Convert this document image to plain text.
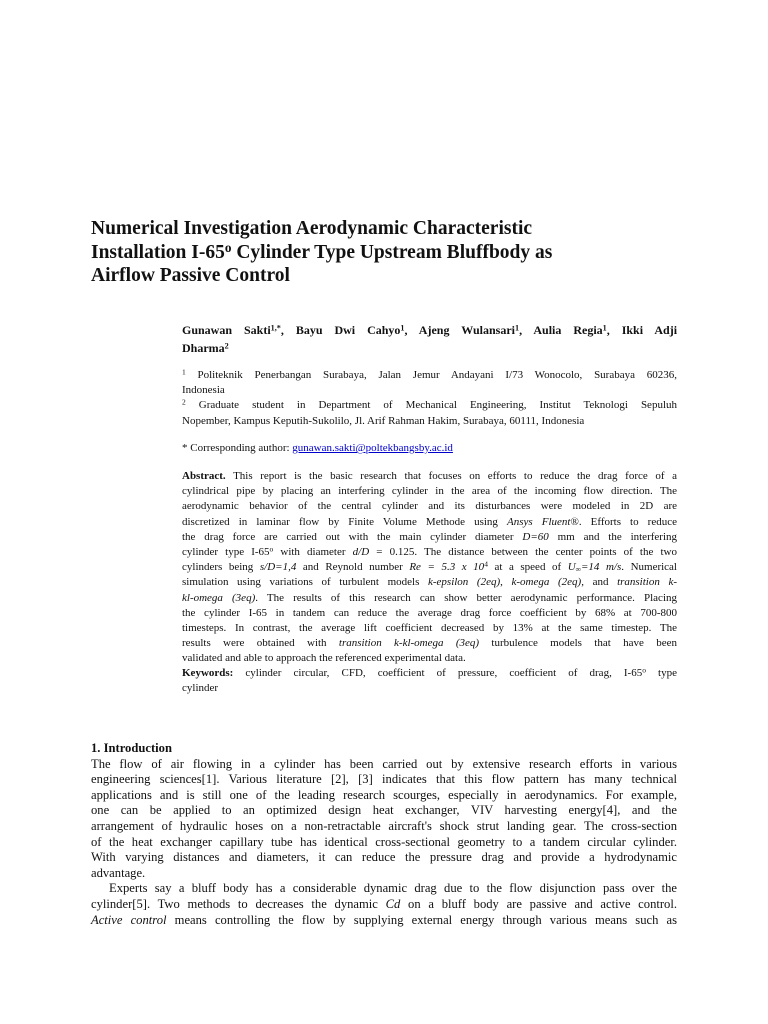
Numerical Investigation Aerodynamic Characteristic
Installation I-65$^o$ Cylinder Type Upstream Bluffbody as
Airflow Passive Control
Gunawan Sakti$^{1,*}$, Bayu Dwi Cahyo$^1$, Ajeng Wulansari$^1$, Aulia Regia$^1$, Ikki Adji
Dharma$^2$
$^1$ Politeknik Penerbangan Surabaya, Jalan Jemur Andayani I/73 Wonocolo, Surabaya 60236,
Indonesia
$^2$ Graduate student in Department of Mechanical Engineering, Institut Teknologi Sepuluh
Nopember, Kampus Keputih-Sukolilo, Jl. Arif Rahman Hakim, Surabaya, 60111, Indonesia
* Corresponding author: gunawan.sakti@poltekbangsby.ac.id
Abstract. This report is the basic research that focuses on efforts to reduce the drag force of a
cylindrical pipe by placing an interfering cylinder in the area of the incoming flow direction. The
aerodynamic behavior of the central cylinder and its disturbances were modeled in 2D are
discretized in laminar flow by Finite Volume Methode using Ansys Fluent®. Efforts to reduce
the drag force are carried out with the main cylinder diameter D=60 mm and the interfering
cylinder type I-65$^o$ with diameter d/D = 0.125. The distance between the center points of the two
cylinders being s/D=1,4 and Reynold number Re = 5.3 x $10^4$ at a speed of U∞=14 m/s. Numerical
simulation using variations of turbulent models k-epsilon (2eq), k-omega (2eq), and transition k-
kl-omega (3eq). The results of this research can show better aerodynamic performance. Placing
the cylinder I-65 in tandem can reduce the average drag force coefficient by 68% at 700-800
timesteps. In contrast, the average lift coefficient decreased by 13% at the same timestep. The
results were obtained with transition k-kl-omega (3eq) turbulence models that have been
validated and able to approach the referenced experimental data.
Keywords: cylinder circular, CFD, coefficient of pressure, coefficient of drag, I-65$^o$ type
cylinder
1. Introduction
The flow of air flowing in a cylinder has been carried out by extensive research efforts in various
engineering sciences[1]. Various literature [2], [3] indicates that this flow pattern has many technical
applications and is still one of the leading research scourges, especially in aerodynamics. For example,
one can be applied to an optimized design heat exchanger, VIV harvesting energy[4], and the
arrangement of hydraulic hoses on a non-retractable aircraft's shock strut landing gear. The cross-section
of the heat exchanger capillary tube has identical cross-sectional geometry to a tandem circular cylinder.
With varying distances and diameters, it can reduce the pressure drag and provide a hydrodynamic
advantage.
Experts say a bluff body has a considerable dynamic drag due to the flow disjunction pass over the
cylinder[5]. Two methods to decreases the dynamic Cd on a bluff body are passive and active control.
Active control means controlling the flow by supplying external energy through various means such as
